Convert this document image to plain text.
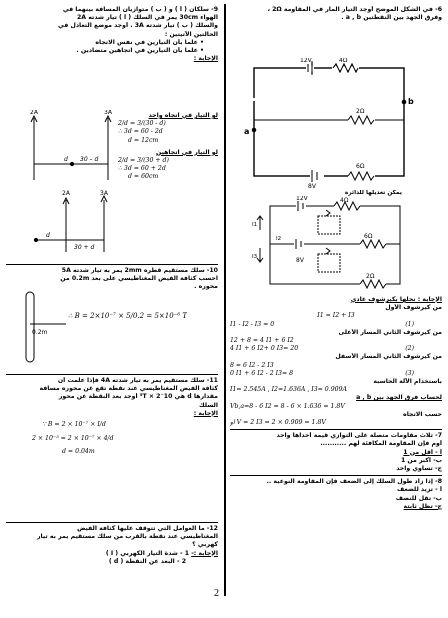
6- في الشكل الموضح أوجد التيار المار في المقاومة 2Ω ،

وفرق الجهد بين النقطتين a , b .

12V	4Ω
2Ω
6Ω
8V
a
b

يمكن تعديلها للدائرة

12V	4Ω
6Ω
2Ω
8V
I1
I2
I3

الإجابة : نحلها بكيرشوف عادي

من كيرشوف الأول

I1 = I2 + I3

I1 - I2 - I3 = 0	(1)

من كيرشوف الثاني المسار الأعلى

12 + 8 = 4 I1 + 6 I2

4 I1 + 6 I2+ 0 I3= 20	(2)

من كيرشوف الثاني المسار الأسفل

8 = 6 I2 - 2 I3

0 I1 + 6 I2 - 2 I3= 8	(3)

باستخدام الآلة الحاسبة

I1= 2.545A , I2=1.636A , I3= 0.909A

لحساب فرق الجهد بين a , b

Vb,a=8 - 6 I2 = 8 - 6 × 1.636 = 1.8V

حسب الاتجاه

أو V = 2 I3 = 2 × 0.909 = 1.8V

7- ثلاث مقاومات متصلة على التوازي قيمة أحداها واحد

أوم فإن المقاومة المكافئة لهم ...........

أ - أقل من 1

ب- أكبر من 1

ج- تساوي واحد

8- إذا زاد طول السلك إلى الضعف فإن المقاومة النوعية ..

أ - تزيد للضعف

ب- تقل للنصف

ج- تظل ثابتة

9- سلكان ( أ ) و ( ب ) متوازيان المسافة بينهما في

الهواء 30cm يمر في السلك ( أ ) تيار شدته 2A

والسلك ( ب ) تيار شدته 3A . أوجد موضع التعادل في

الحالتين الآتيتين :

• علماً بأن التيارين في نفس الاتجاه

• علماً بأن التيارين في اتجاهين متضادين .

الإجابة :

2A	3A
d 30 – d

لو التيار في اتجاه واحد

2/d = 3/(30 - d)

∴ 3d = 60 - 2d

d = 12cm

لو التيار في اتجاهين

2/d = 3/(30 + d)

∴ 3d = 60 + 2d

d = 60cm

2A	3A
d
30 + d

10- سلك مستقيم قطره 2mm يمر به تيار شدته 5A

احسب كثافة الفيض المغناطيسي على بعد 0.2m من

محوره .

0.2m

∴ B = 2×10⁻⁷ × 5/0.2 = 5×10⁻⁶ T

11- سلك مستقيم يمر به تيار شدته 4A فإذا علمت أن

كثافة الفيض المغناطيسي عند نقطة تقع عن محوره مسافة

مقدارها d هي 10⁻⁵T × 2 أوجد بعد النقطة عن محور

السلك

الإجابة :

∵ B = 2 × 10⁻⁷ × I/d

2 × 10⁻⁵ = 2 × 10⁻⁷ × 4/d

d = 0.04m

12- ما العوامل التي تتوقف عليها كثافة الفيض

المغناطيسي عند نقطة بالقرب من سلك مستقيم يمر به تيار

كهربي ؟

الإجابة :- 1 - شدة التيار الكهربي ( I )

2 - البعد عن النقطة ( d )

2
